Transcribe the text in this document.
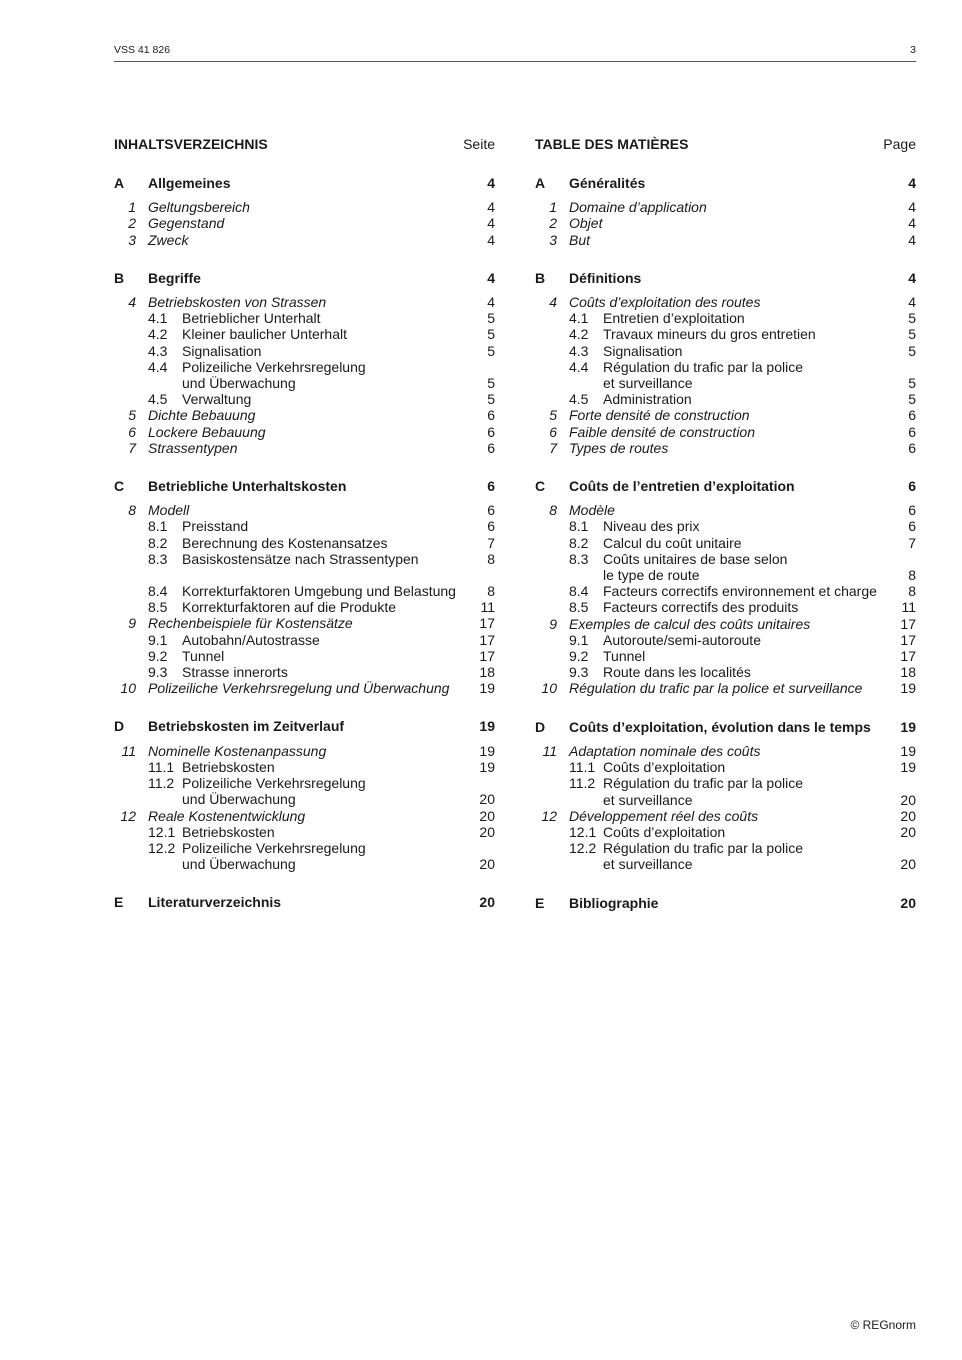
VSS 41 826	3
INHALTSVERZEICHNIS	Seite
A	Allgemeines	4
1 Geltungsbereich	4
2 Gegenstand	4
3 Zweck	4
B	Begriffe	4
4 Betriebskosten von Strassen	4
4.1	Betrieblicher Unterhalt	5
4.2	Kleiner baulicher Unterhalt	5
4.3	Signalisation	5
4.4	Polizeiliche Verkehrsregelung
und Überwachung	5
4.5	Verwaltung	5
5 Dichte Bebauung	6
6 Lockere Bebauung	6
7 Strassentypen	6
C	Betriebliche Unterhaltskosten	6
8 Modell	6
8.1	Preisstand	6
8.2	Berechnung des Kostenansatzes	7
8.3	Basiskostensätze nach Strassentypen	8
8.4	Korrekturfaktoren Umgebung und Belastung	8
8.5	Korrekturfaktoren auf die Produkte	11
9 Rechenbeispiele für Kostensätze	17
9.1	Autobahn/Autostrasse	17
9.2	Tunnel	17
9.3	Strasse innerorts	18
10 Polizeiliche Verkehrsregelung und Überwachung	19
D	Betriebskosten im Zeitverlauf	19
11 Nominelle Kostenanpassung	19
11.1 Betriebskosten	19
11.2 Polizeiliche Verkehrsregelung
und Überwachung	20
12 Reale Kostenentwicklung	20
12.1 Betriebskosten	20
12.2 Polizeiliche Verkehrsregelung
und Überwachung	20
E	Literaturverzeichnis	20
TABLE DES MATIÈRES	Page
A	Généralités	4
1 Domaine d’application	4
2 Objet	4
3 But	4
B	Définitions	4
4 Coûts d’exploitation des routes	4
4.1	Entretien d’exploitation	5
4.2	Travaux mineurs du gros entretien	5
4.3	Signalisation	5
4.4	Régulation du trafic par la police
et surveillance	5
4.5	Administration	5
5 Forte densité de construction	6
6 Faible densité de construction	6
7 Types de routes	6
C	Coûts de l’entretien d’exploitation	6
8 Modèle	6
8.1	Niveau des prix	6
8.2	Calcul du coût unitaire	7
8.3	Coûts unitaires de base selon
le type de route	8
8.4	Facteurs correctifs environnement et charge	8
8.5	Facteurs correctifs des produits	11
9 Exemples de calcul des coûts unitaires	17
9.1	Autoroute/semi-autoroute	17
9.2	Tunnel	17
9.3	Route dans les localités	18
10 Régulation du trafic par la police et surveillance	19
D	Coûts d’exploitation, évolution dans le temps	19
11 Adaptation nominale des coûts	19
11.1 Coûts d’exploitation	19
11.2 Régulation du trafic par la police
et surveillance	20
12 Développement réel des coûts	20
12.1 Coûts d’exploitation	20
12.2 Régulation du trafic par la police
et surveillance	20
E	Bibliographie	20
© REGnorm
